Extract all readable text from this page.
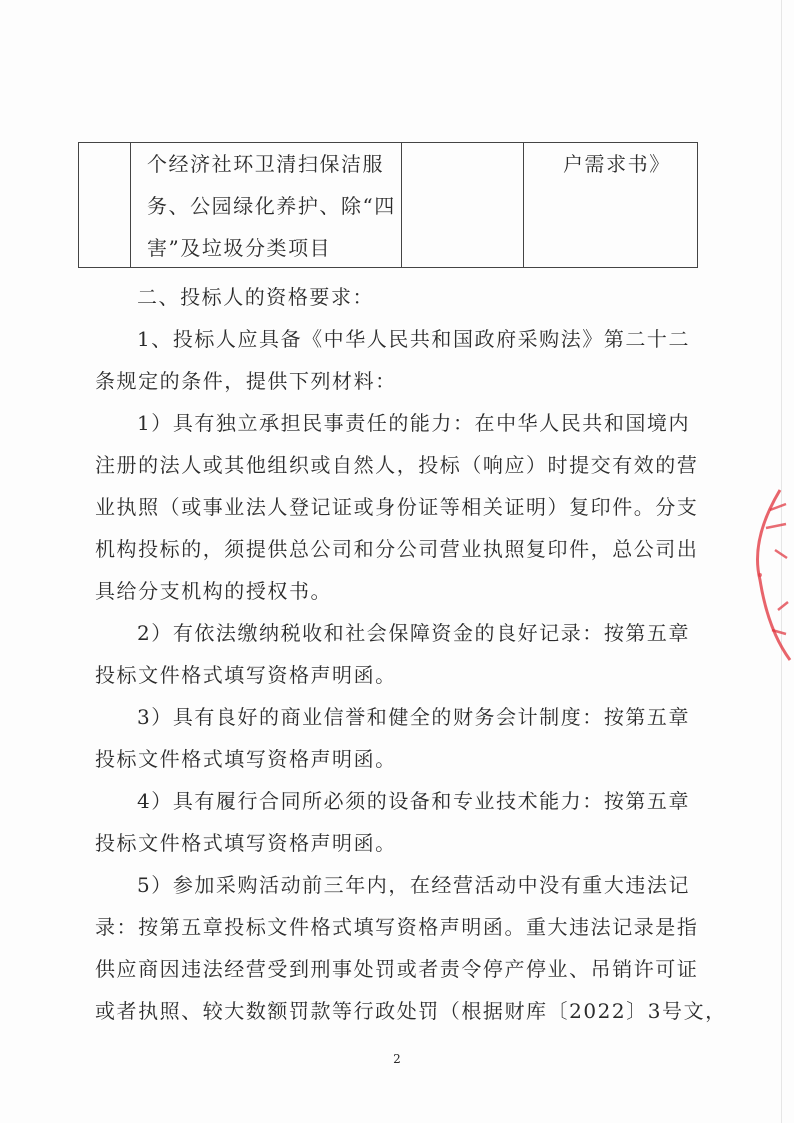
个经济社环卫清扫保洁服
务、公园绿化养护、除“四
害”及垃圾分类项目
户需求书》
二、投标人的资格要求：
1、投标人应具备《中华人民共和国政府采购法》第二十二
条规定的条件，提供下列材料：
1）具有独立承担民事责任的能力：在中华人民共和国境内
注册的法人或其他组织或自然人，投标（响应）时提交有效的营
业执照（或事业法人登记证或身份证等相关证明）复印件。分支
机构投标的，须提供总公司和分公司营业执照复印件，总公司出
具给分支机构的授权书。
2）有依法缴纳税收和社会保障资金的良好记录：按第五章
投标文件格式填写资格声明函。
3）具有良好的商业信誉和健全的财务会计制度：按第五章
投标文件格式填写资格声明函。
4）具有履行合同所必须的设备和专业技术能力：按第五章
投标文件格式填写资格声明函。
5）参加采购活动前三年内，在经营活动中没有重大违法记
录：按第五章投标文件格式填写资格声明函。重大违法记录是指
供应商因违法经营受到刑事处罚或者责令停产停业、吊销许可证
或者执照、较大数额罚款等行政处罚（根据财库〔2022〕3号文，
2
